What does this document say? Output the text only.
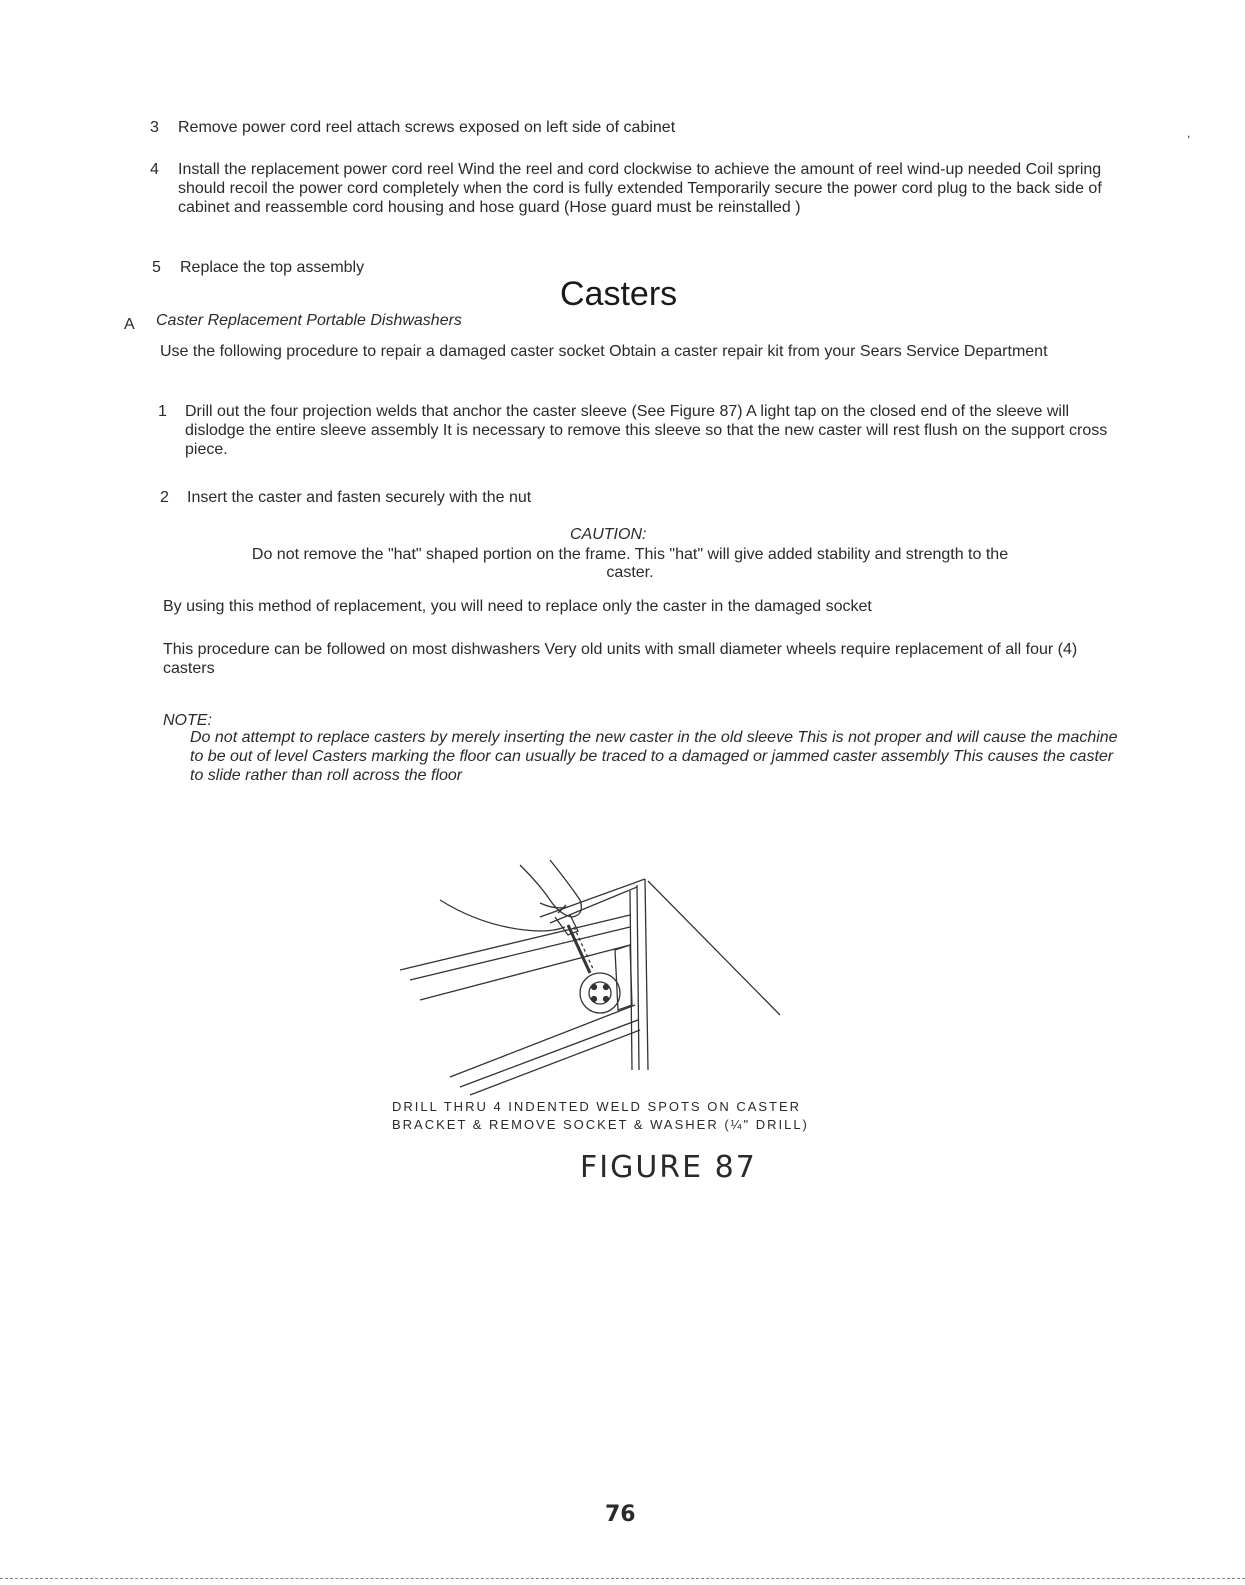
,
3 Remove power cord reel attach screws exposed on left side of cabinet
4 Install the replacement power cord reel Wind the reel and cord clockwise to achieve the amount of reel wind-up needed Coil spring should recoil the power cord completely when the cord is fully extended Temporarily secure the power cord plug to the back side of cabinet and reassemble cord housing and hose guard (Hose guard must be reinstalled )
5 Replace the top assembly
Casters
A Caster Replacement Portable Dishwashers
Use the following procedure to repair a damaged caster socket Obtain a caster repair kit from your Sears Service Department
1 Drill out the four projection welds that anchor the caster sleeve (See Figure 87) A light tap on the closed end of the sleeve will dislodge the entire sleeve assembly It is necessary to remove this sleeve so that the new caster will rest flush on the support cross piece.
2 Insert the caster and fasten securely with the nut
CAUTION:
Do not remove the "hat" shaped portion on the frame. This "hat" will give added stability and strength to the caster.
By using this method of replacement, you will need to replace only the caster in the damaged socket
This procedure can be followed on most dishwashers Very old units with small diameter wheels require replacement of all four (4) casters
NOTE:
Do not attempt to replace casters by merely inserting the new caster in the old sleeve This is not proper and will cause the machine to be out of level Casters marking the floor can usually be traced to a damaged or jammed caster assembly This causes the caster to slide rather than roll across the floor
DRILL THRU 4 INDENTED WELD SPOTS ON CASTER
BRACKET & REMOVE SOCKET & WASHER (¼" DRILL)
FIGURE 87
76
